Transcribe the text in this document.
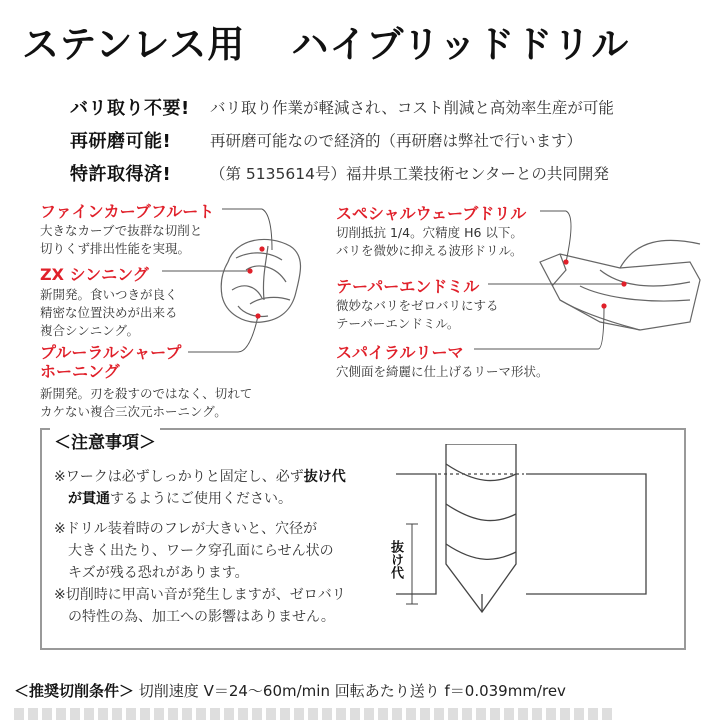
ステンレス用 ハイブリッドドリル
バリ取り不要!	バリ取り作業が軽減され、コスト削減と高効率生産が可能
再研磨可能!	再研磨可能なので経済的（再研磨は弊社で行います）
特許取得済!	（第 5135614号）福井県工業技術センターとの共同開発
ファインカーブフルート
大きなカーブで抜群な切削と
切りくず排出性能を実現。
ZX シンニング
新開発。食いつきが良く
精密な位置決めが出来る
複合シンニング。
プルーラルシャープ
ホーニング
新開発。刃を殺すのではなく、切れて
カケない複合三次元ホーニング。
スペシャルウェーブドリル
切削抵抗 1/4。穴精度 H6 以下。
バリを微妙に抑える波形ドリル。
テーパーエンドミル
微妙なバリをゼロバリにする
テーパーエンドミル。
スパイラルリーマ
穴側面を綺麗に仕上げるリーマ形状。
＜注意事項＞
※ワークは必ずしっかりと固定し、必ず抜け代
が貫通するようにご使用ください。
※ドリル装着時のフレが大きいと、穴径が
大きく出たり、ワーク穿孔面にらせん状の
キズが残る恐れがあります。
※切削時に甲高い音が発生しますが、ゼロバリ
の特性の為、加工への影響はありません。
抜け代
＜推奨切削条件＞ 切削速度 V＝24～60m/min 回転あたり送り f＝0.039mm/rev
